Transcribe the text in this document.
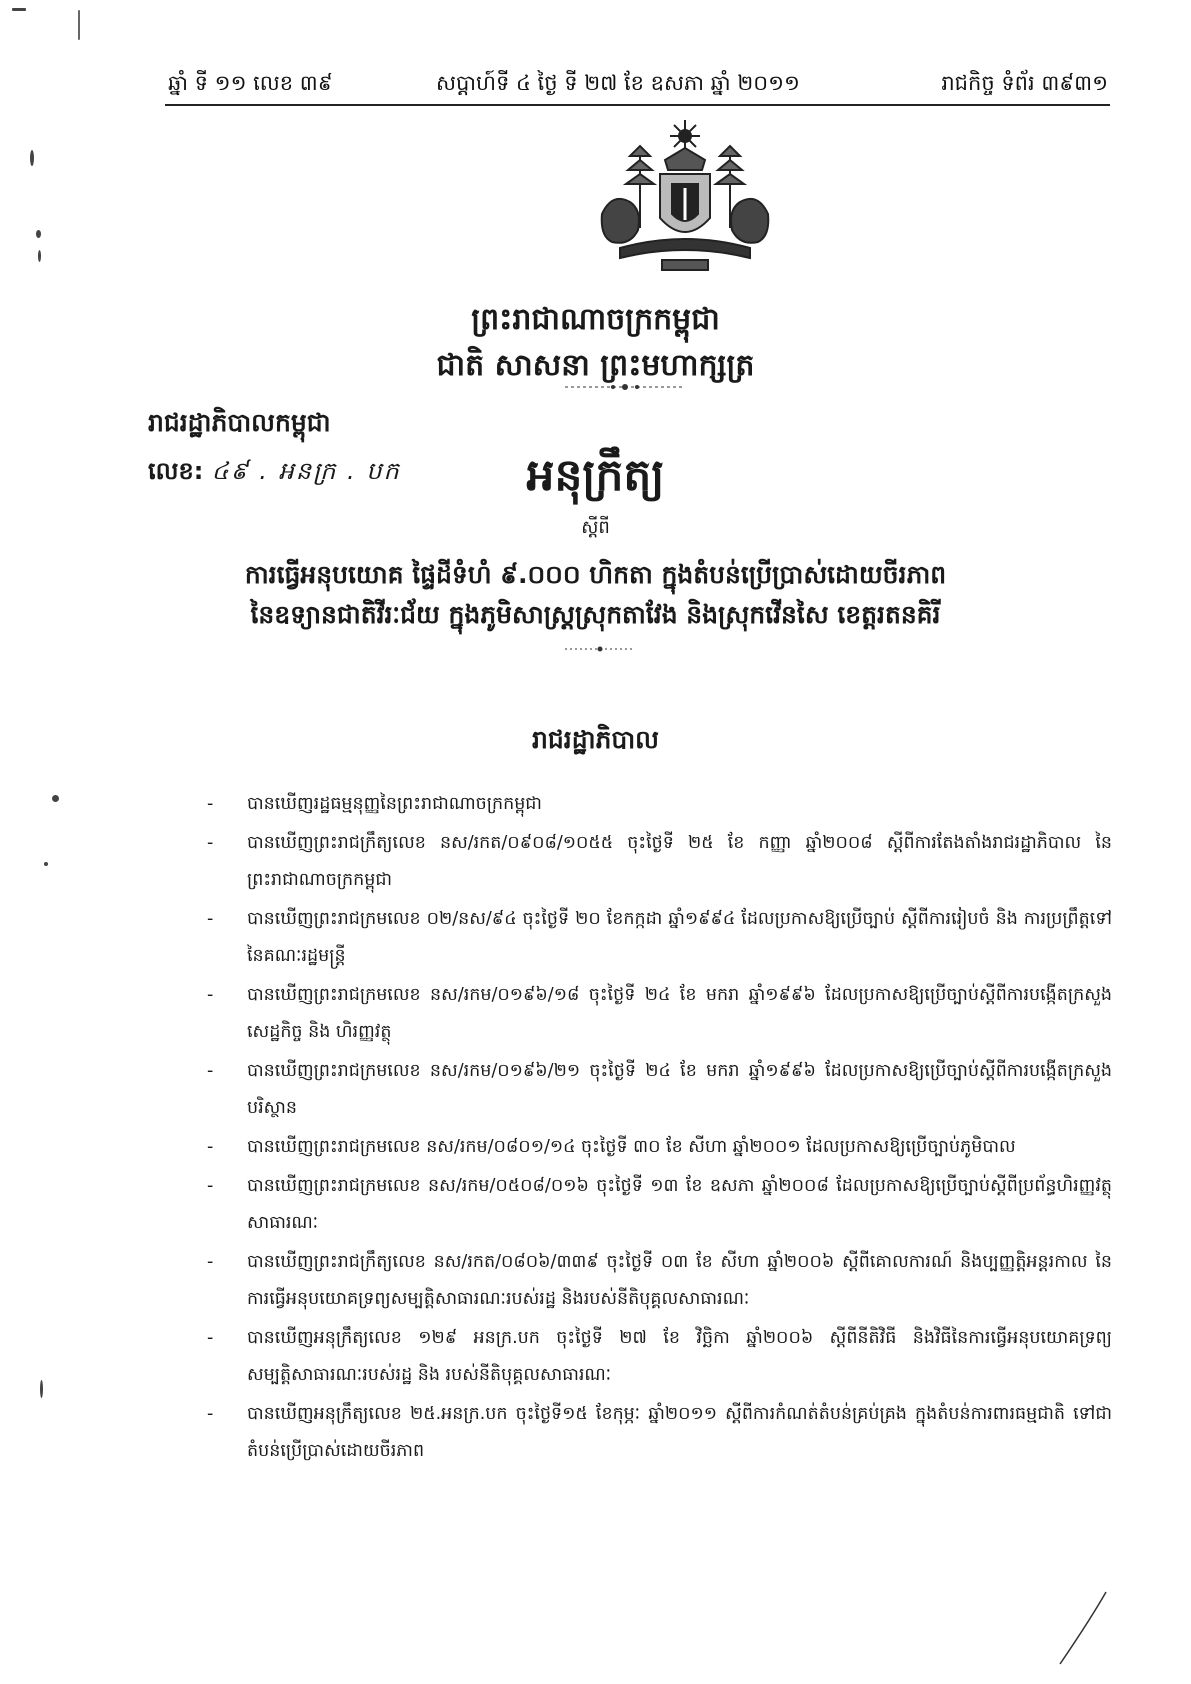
ឆ្នាំ ទី ១១ លេខ ៣៩	សប្តាហ៍ទី ៤ ថ្ងៃ ទី ២៧ ខែ ឧសភា ឆ្នាំ ២០១១	រាជកិច្ច ទំព័រ ៣៩៣១
ព្រះរាជាណាចក្រកម្ពុជា
ជាតិ សាសនា ព្រះមហាក្សត្រ
រាជរដ្ឋាភិបាលកម្ពុជា
លេខ: ៤៩ . អនក្រ . បក	អនុក្រឹត្យ
ស្តីពី
ការធ្វើអនុបយោគ ផ្ទៃដីទំហំ ៩.០០០ ហិកតា ក្នុងតំបន់ប្រើប្រាស់ដោយចីរភាព
នៃឧទ្យានជាតិវីរៈជ័យ ក្នុងភូមិសាស្ត្រស្រុកតាវែង និងស្រុកវើនសៃ ខេត្តរតនគិរី
រាជរដ្ឋាភិបាល
- បានឃើញរដ្ឋធម្មនុញ្ញនៃព្រះរាជាណាចក្រកម្ពុជា
- បានឃើញព្រះរាជក្រឹត្យលេខ នស/រកត/០៩០៨/១០៥៥ ចុះថ្ងៃទី ២៥ ខែ កញ្ញា ឆ្នាំ២០០៨ ស្តីពីការតែងតាំងរាជរដ្ឋាភិបាល នៃព្រះរាជាណាចក្រកម្ពុជា
- បានឃើញព្រះរាជក្រមលេខ ០២/នស/៩៤ ចុះថ្ងៃទី ២០ ខែកក្កដា ឆ្នាំ១៩៩៤ ដែលប្រកាសឱ្យប្រើច្បាប់ ស្តីពីការរៀបចំ និង ការប្រព្រឹត្តទៅនៃគណៈរដ្ឋមន្ត្រី
- បានឃើញព្រះរាជក្រមលេខ នស/រកម/០១៩៦/១៨ ចុះថ្ងៃទី ២៤ ខែ មករា ឆ្នាំ១៩៩៦ ដែលប្រកាសឱ្យប្រើច្បាប់ស្តីពីការបង្កើតក្រសួងសេដ្ឋកិច្ច និង ហិរញ្ញវត្ថុ
- បានឃើញព្រះរាជក្រមលេខ នស/រកម/០១៩៦/២១ ចុះថ្ងៃទី ២៤ ខែ មករា ឆ្នាំ១៩៩៦ ដែលប្រកាសឱ្យប្រើច្បាប់ស្តីពីការបង្កើតក្រសួងបរិស្ថាន
- បានឃើញព្រះរាជក្រមលេខ នស/រកម/០៨០១/១៤ ចុះថ្ងៃទី ៣០ ខែ សីហា ឆ្នាំ២០០១ ដែលប្រកាសឱ្យប្រើច្បាប់ភូមិបាល
- បានឃើញព្រះរាជក្រមលេខ នស/រកម/០៥០៨/០១៦ ចុះថ្ងៃទី ១៣ ខែ ឧសភា ឆ្នាំ២០០៨ ដែលប្រកាសឱ្យប្រើច្បាប់ស្តីពីប្រព័ន្ធហិរញ្ញវត្ថុ សាធារណៈ
- បានឃើញព្រះរាជក្រឹត្យលេខ នស/រកត/០៨០៦/៣៣៩ ចុះថ្ងៃទី ០៣ ខែ សីហា ឆ្នាំ២០០៦ ស្តីពីគោលការណ៍ និងប្បញ្ញត្តិអន្តរកាល នៃការធ្វើអនុបយោគទ្រព្យសម្បត្តិសាធារណៈរបស់រដ្ឋ និងរបស់នីតិបុគ្គលសាធារណៈ
- បានឃើញអនុក្រឹត្យលេខ ១២៩ អនក្រ.បក ចុះថ្ងៃទី ២៧ ខែ វិច្ឆិកា ឆ្នាំ២០០៦ ស្តីពីនីតិវិធី និងវិធីនៃការធ្វើអនុបយោគទ្រព្យសម្បត្តិសាធារណៈរបស់រដ្ឋ និង របស់នីតិបុគ្គលសាធារណៈ
- បានឃើញអនុក្រឹត្យលេខ ២៥.អនក្រ.បក ចុះថ្ងៃទី១៥ ខែកុម្ភៈ ឆ្នាំ២០១១ ស្តីពីការកំណត់តំបន់គ្រប់គ្រង ក្នុងតំបន់ការពារធម្មជាតិ ទៅជាតំបន់ប្រើប្រាស់ដោយចីរភាព
